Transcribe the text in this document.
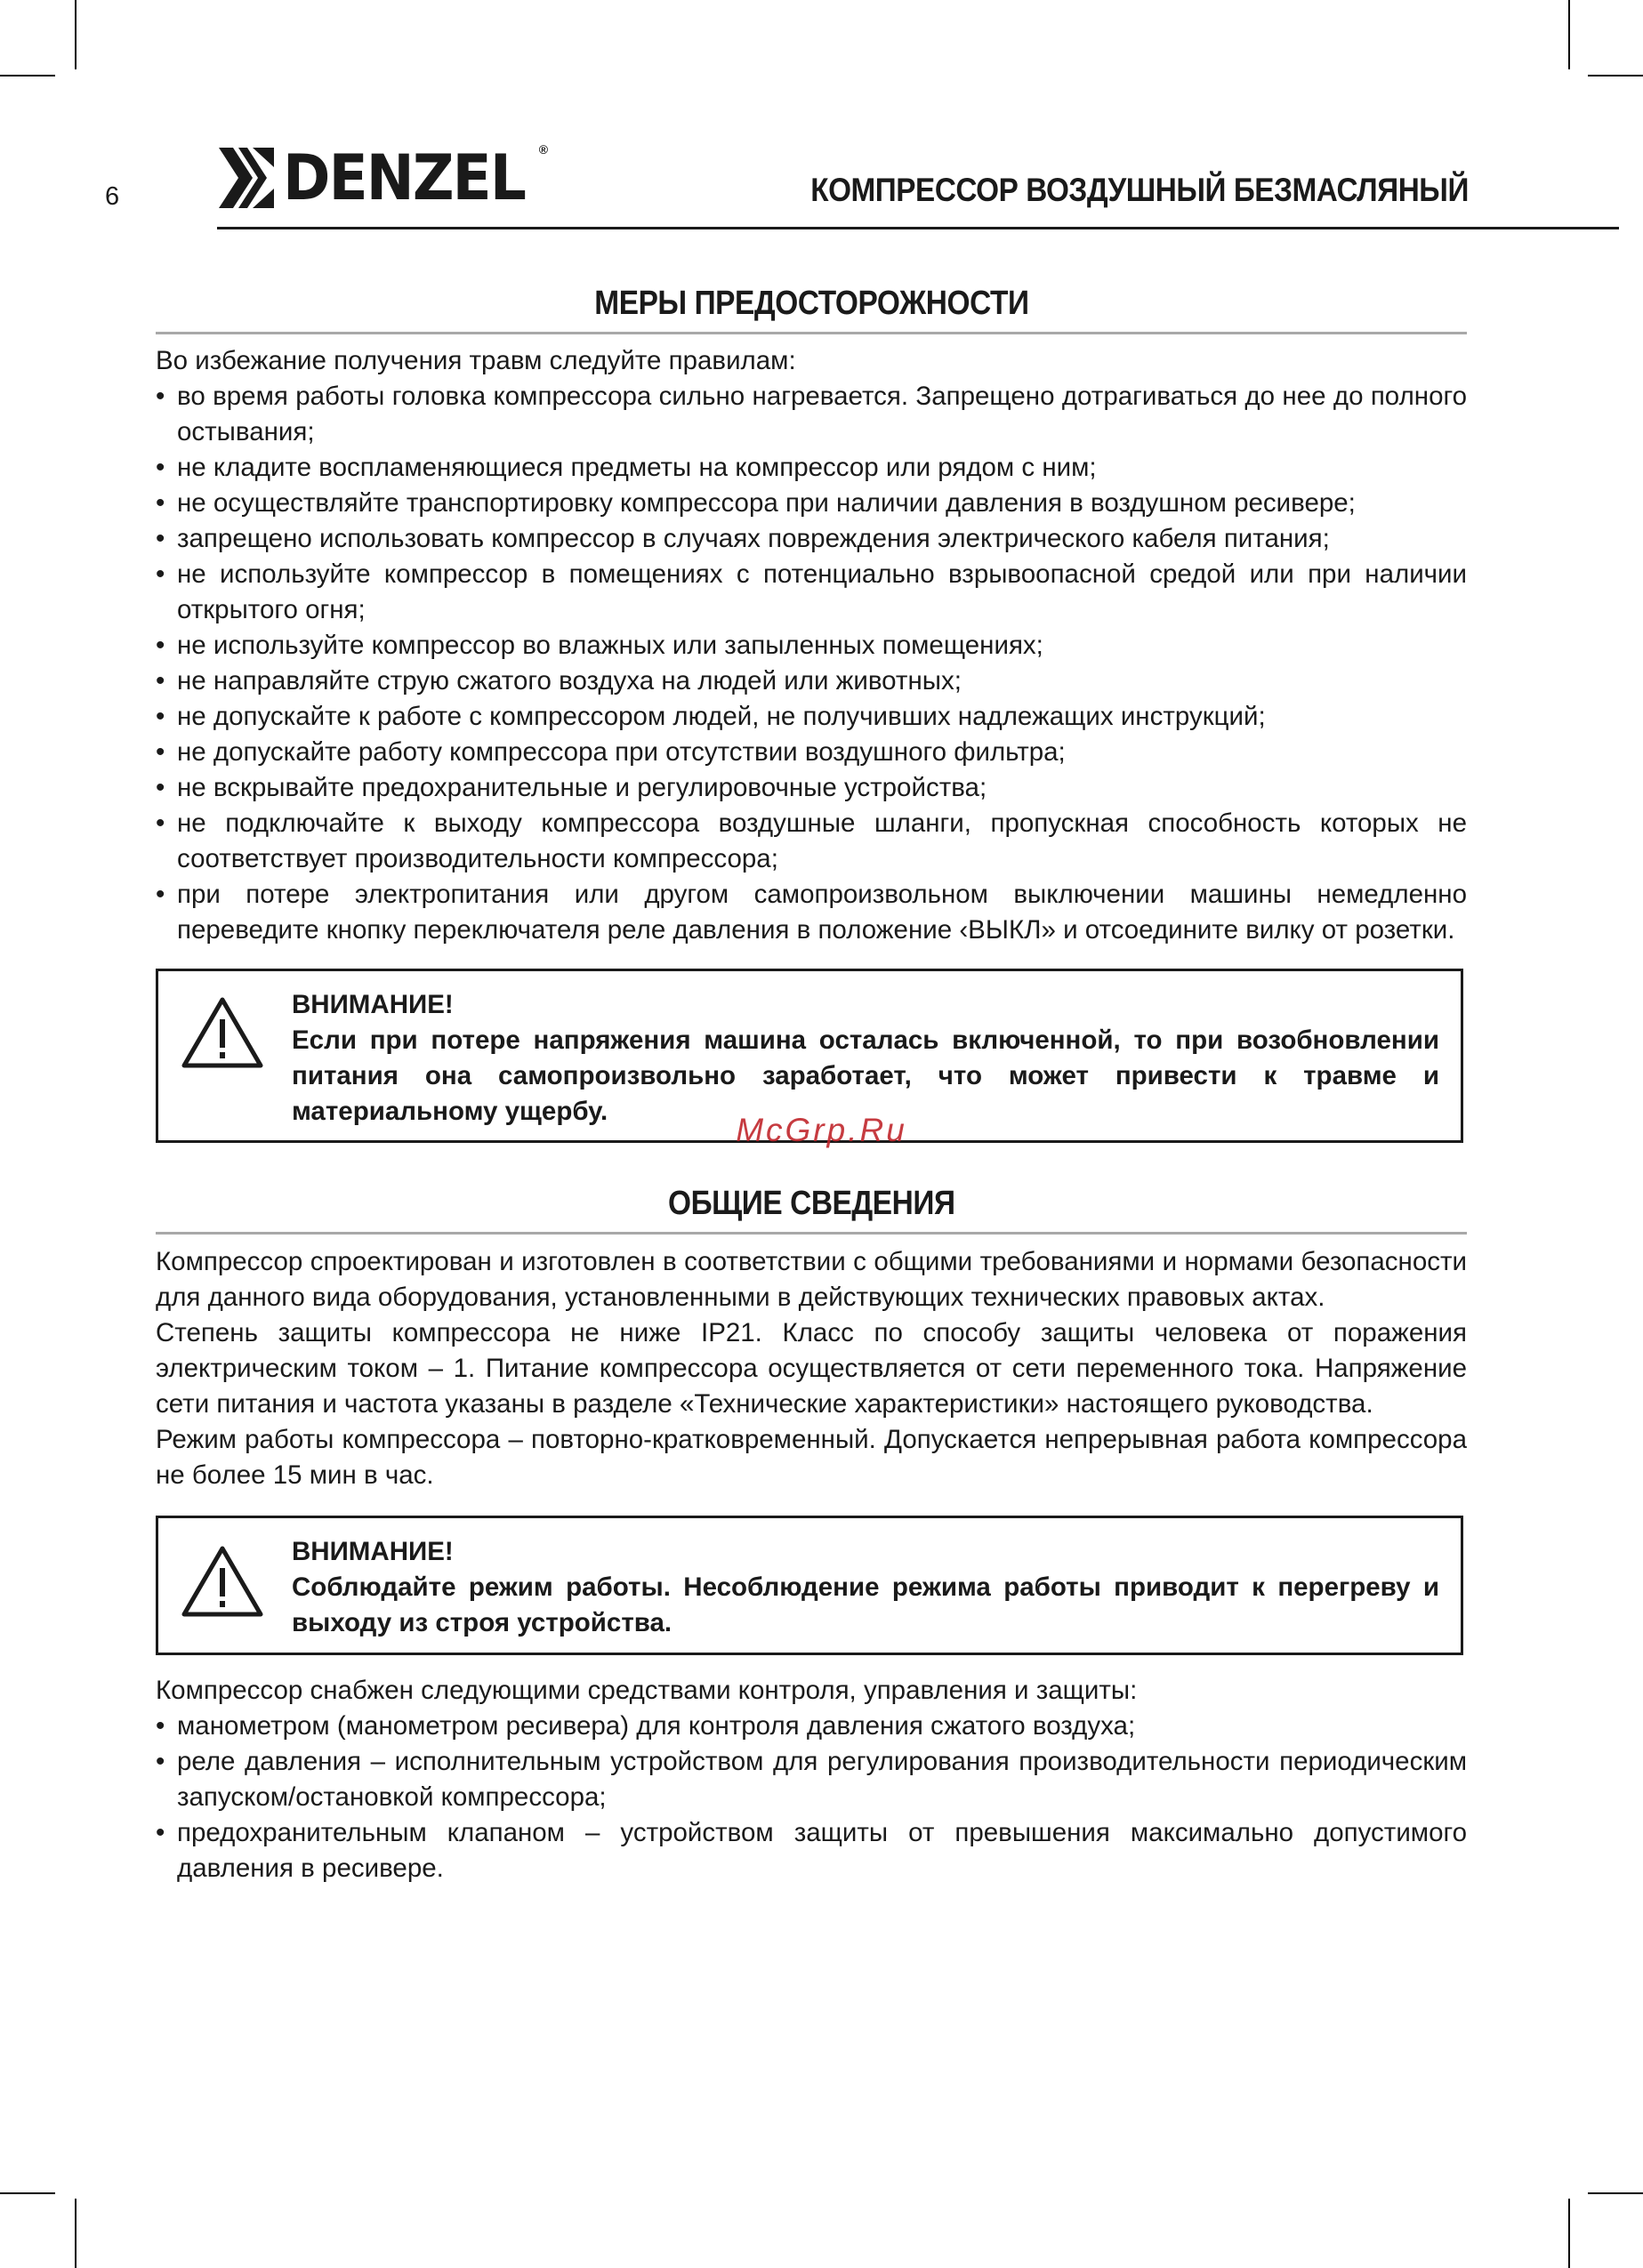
6	DENZEL ®
КОМПРЕССОР ВОЗДУШНЫЙ БЕЗМАСЛЯНЫЙ
МЕРЫ ПРЕДОСТОРОЖНОСТИ

Во избежание получения травм следуйте правилам:

• во время работы головка компрессора сильно нагревается. Запрещено дотрагиваться до нее до полного остывания;
• не кладите воспламеняющиеся предметы на компрессор или рядом с ним;
• не осуществляйте транспортировку компрессора при наличии давления в воздушном ресивере;
• запрещено использовать компрессор в случаях повреждения электрического кабеля питания;
• не используйте компрессор в помещениях с потенциально взрывоопасной средой или при наличии открытого огня;
• не используйте компрессор во влажных или запыленных помещениях;
• не направляйте струю сжатого воздуха на людей или животных;
• не допускайте к работе с компрессором людей, не получивших надлежащих инструкций;
• не допускайте работу компрессора при отсутствии воздушного фильтра;
• не вскрывайте предохранительные и регулировочные устройства;
• не подключайте к выходу компрессора воздушные шланги, пропускная способность которых не соответствует производительности компрессора;
• при потере электропитания или другом самопроизвольном выключении машины немедленно переведите кнопку переключателя реле давления в положение ‹ВЫКЛ» и отсоедините вилку от розетки.
ВНИМАНИЕ!
Если при потере напряжения машина осталась включенной, то при возобновлении питания она самопроизвольно заработает, что может привести к травме и материальному ущербу.
McGrp.Ru
ОБЩИЕ СВЕДЕНИЯ

Компрессор спроектирован и изготовлен в соответствии с общими требованиями и нормами безопасности для данного вида оборудования, установленными в действующих технических правовых актах.

Степень защиты компрессора не ниже IP21. Класс по способу защиты человека от поражения электрическим током – 1. Питание компрессора осуществляется от сети переменного тока. Напряжение сети питания и частота указаны в разделе «Технические характеристики» настоящего руководства.

Режим работы компрессора – повторно-кратковременный. Допускается непрерывная работа компрессора не более 15 мин в час.

ВНИМАНИЕ!
Соблюдайте режим работы. Несоблюдение режима работы приводит к перегреву и выходу из строя устройства.

Компрессор снабжен следующими средствами контроля, управления и защиты:

• манометром (манометром ресивера) для контроля давления сжатого воздуха;
• реле давления – исполнительным устройством для регулирования производительности периодическим запуском/остановкой компрессора;
• предохранительным клапаном – устройством защиты от превышения максимально допустимого давления в ресивере.
